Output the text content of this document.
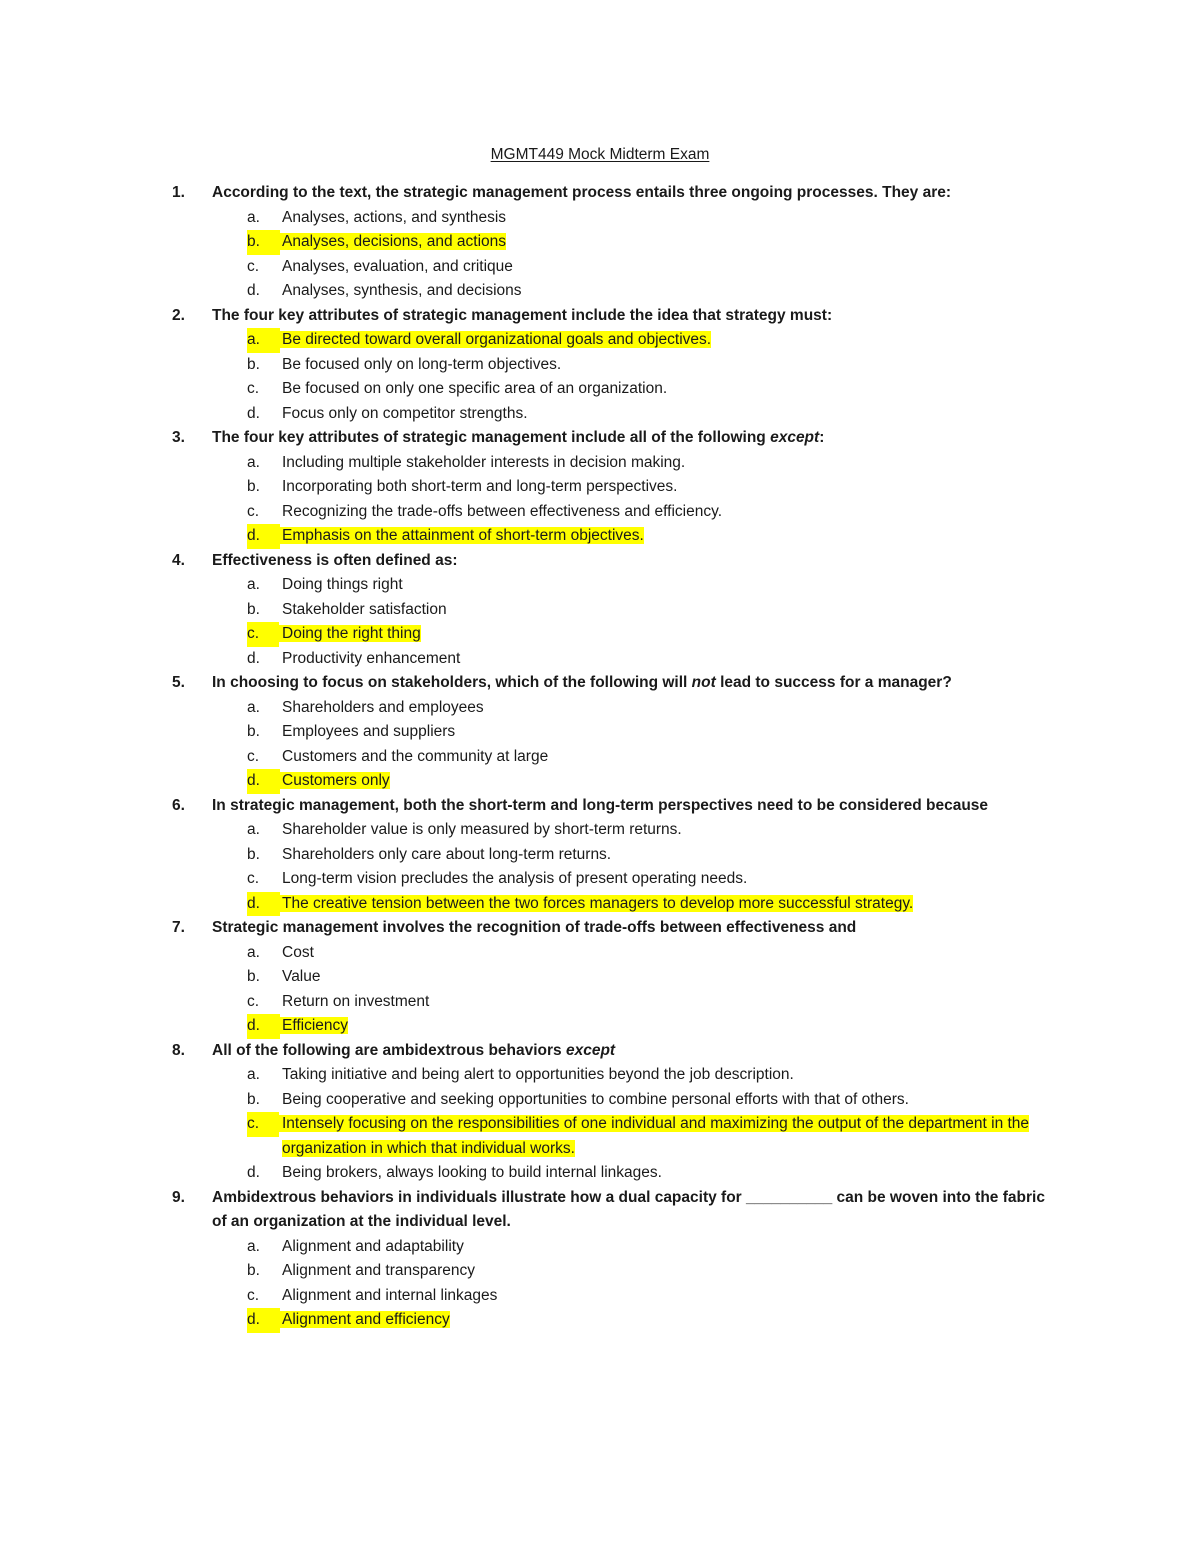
MGMT449 Mock Midterm Exam
1. According to the text, the strategic management process entails three ongoing processes. They are:
a. Analyses, actions, and synthesis
b.	Analyses, decisions, and actions
c. Analyses, evaluation, and critique
d. Analyses, synthesis, and decisions
2. The four key attributes of strategic management include the idea that strategy must:
a.	Be directed toward overall organizational goals and objectives.
b. Be focused only on long-term objectives.
c. Be focused on only one specific area of an organization.
d. Focus only on competitor strengths.
3. The four key attributes of strategic management include all of the following except:
a. Including multiple stakeholder interests in decision making.
b. Incorporating both short-term and long-term perspectives.
c. Recognizing the trade-offs between effectiveness and efficiency.
d.	Emphasis on the attainment of short-term objectives.
4. Effectiveness is often defined as:
a. Doing things right
b. Stakeholder satisfaction
c.	Doing the right thing
d. Productivity enhancement
5. In choosing to focus on stakeholders, which of the following will not lead to success for a manager?
a. Shareholders and employees
b. Employees and suppliers
c. Customers and the community at large
d.	Customers only
6. In strategic management, both the short-term and long-term perspectives need to be considered because
a. Shareholder value is only measured by short-term returns.
b. Shareholders only care about long-term returns.
c. Long-term vision precludes the analysis of present operating needs.
d.	The creative tension between the two forces managers to develop more successful strategy.
7. Strategic management involves the recognition of trade-offs between effectiveness and
a. Cost
b. Value
c. Return on investment
d.	Efficiency
8. All of the following are ambidextrous behaviors except
a. Taking initiative and being alert to opportunities beyond the job description.
b. Being cooperative and seeking opportunities to combine personal efforts with that of others.
c.	Intensely focusing on the responsibilities of one individual and maximizing the output of the department in the organization in which that individual works.
d. Being brokers, always looking to build internal linkages.
9. Ambidextrous behaviors in individuals illustrate how a dual capacity for __________ can be woven into the fabric of an organization at the individual level.
a. Alignment and adaptability
b. Alignment and transparency
c. Alignment and internal linkages
d.	Alignment and efficiency
